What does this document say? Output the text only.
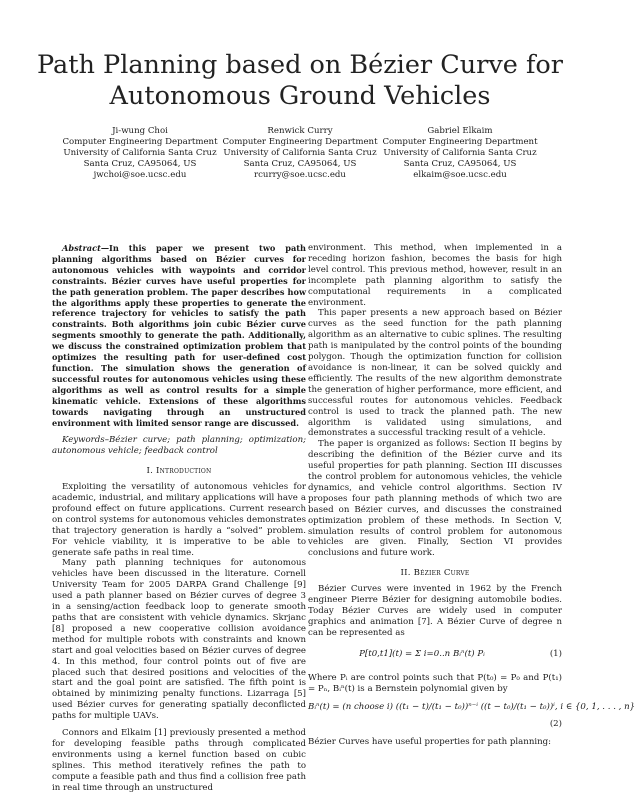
Path Planning based on Bézier Curve for
Autonomous Ground Vehicles
Ji-wung Choi
Computer Engineering Department
University of California Santa Cruz
Santa Cruz, CA95064, US
jwchoi@soe.ucsc.edu
Renwick Curry
Computer Engineering Department
University of California Santa Cruz
Santa Cruz, CA95064, US
rcurry@soe.ucsc.edu
Gabriel Elkaim
Computer Engineering Department
University of California Santa Cruz
Santa Cruz, CA95064, US
elkaim@soe.ucsc.edu

Abstract—In this paper we present two path planning algorithms based on Bézier curves for autonomous vehicles with waypoints and corridor constraints. Bézier curves have useful properties for the path generation problem. The paper describes how the algorithms apply these properties to generate the reference trajectory for vehicles to satisfy the path constraints. Both algorithms join cubic Bézier curve segments smoothly to generate the path. Additionally, we discuss the constrained optimization problem that optimizes the resulting path for user-defined cost function. The simulation shows the generation of successful routes for autonomous vehicles using these algorithms as well as control results for a simple kinematic vehicle. Extensions of these algorithms towards navigating through an unstructured environment with limited sensor range are discussed.

Keywords–Bézier curve; path planning; optimization; autonomous vehicle; feedback control

I. Introduction

Exploiting the versatility of autonomous vehicles for academic, industrial, and military applications will have a profound effect on future applications. Current research on control systems for autonomous vehicles demonstrates that trajectory generation is hardly a “solved” problem. For vehicle viability, it is imperative to be able to generate safe paths in real time.

Many path planning techniques for autonomous vehicles have been discussed in the literature. Cornell University Team for 2005 DARPA Grand Challenge [9] used a path planner based on Bézier curves of degree 3 in a sensing/action feedback loop to generate smooth paths that are consistent with vehicle dynamics. Skrjanc [8] proposed a new cooperative collision avoidance method for multiple robots with constraints and known start and goal velocities based on Bézier curves of degree 4. In this method, four control points out of five are placed such that desired positions and velocities of the start and the goal point are satisfied. The fifth point is obtained by minimizing penalty functions. Lizarraga [5] used Bézier curves for generating spatially deconflicted paths for multiple UAVs.

Connors and Elkaim [1] previously presented a method for developing feasible paths through complicated environments using a kernel function based on cubic splines. This method iteratively refines the path to compute a feasible path and thus find a collision free path in real time through an unstructured

environment. This method, when implemented in a receding horizon fashion, becomes the basis for high level control. This previous method, however, result in an incomplete path planning algorithm to satisfy the computational requirements in a complicated environment.

This paper presents a new approach based on Bézier curves as the seed function for the path planning algorithm as an alternative to cubic splines. The resulting path is manipulated by the control points of the bounding polygon. Though the optimization function for collision avoidance is non-linear, it can be solved quickly and efficiently. The results of the new algorithm demonstrate the generation of higher performance, more efficient, and successful routes for autonomous vehicles. Feedback control is used to track the planned path. The new algorithm is validated using simulations, and demonstrates a successful tracking result of a vehicle.

The paper is organized as follows: Section II begins by describing the definition of the Bézier curve and its useful properties for path planning. Section III discusses the control problem for autonomous vehicles, the vehicle dynamics, and vehicle control algorithms. Section IV proposes four path planning methods of which two are based on Bézier curves, and discusses the constrained optimization problem of these methods. In Section V, simulation results of control problem for autonomous vehicles are given. Finally, Section VI provides conclusions and future work.

II. Bézier Curve

Bézier Curves were invented in 1962 by the French engineer Pierre Bézier for designing automobile bodies. Today Bézier Curves are widely used in computer graphics and animation [7]. A Bézier Curve of degree n can be represented as

P[t0,t1](t) = Σ i=0..n Bᵢⁿ(t) Pᵢ	(1)

Where Pᵢ are control points such that P(t₀) = P₀ and P(t₁) = Pₙ, Bᵢⁿ(t) is a Bernstein polynomial given by

Bᵢⁿ(t) = (n choose i) ((t₁ − t)/(t₁ − t₀))ⁿ⁻ⁱ ((t − t₀)/(t₁ − t₀))ⁱ, i ∈ {0, 1, . . . , n}
(2)

Bézier Curves have useful properties for path planning:
